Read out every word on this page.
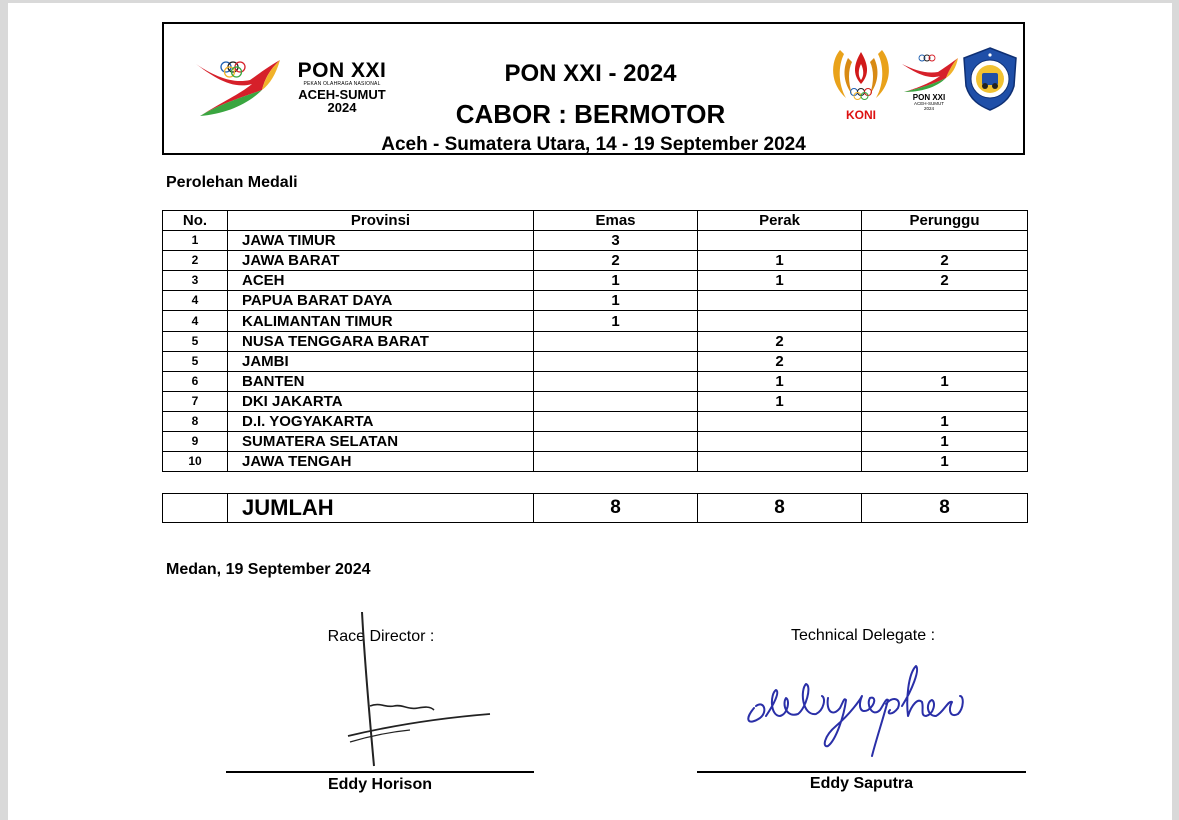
PON XXI
PEKAN OLAHRAGA NASIONAL
ACEH-SUMUT
2024
PON XXI - 2024
CABOR : BERMOTOR
Aceh - Sumatera Utara, 14 - 19 September 2024
KONI
PON XXI
ACEH-SUMUT
2024
Perolehan Medali
No.	Provinsi	Emas	Perak	Perunggu
1	JAWA TIMUR	3		
2	JAWA BARAT	2	1	2
3	ACEH	1	1	2
4	PAPUA BARAT DAYA	1		
4	KALIMANTAN TIMUR	1		
5	NUSA TENGGARA BARAT		2	
5	JAMBI		2	
6	BANTEN		1	1
7	DKI JAKARTA		1	
8	D.I. YOGYAKARTA			1
9	SUMATERA SELATAN			1
10	JAWA TENGAH			1
	JUMLAH	8	8	8
Medan, 19 September 2024
Race Director :	Technical Delegate :
Eddy Horison	Eddy Saputra
